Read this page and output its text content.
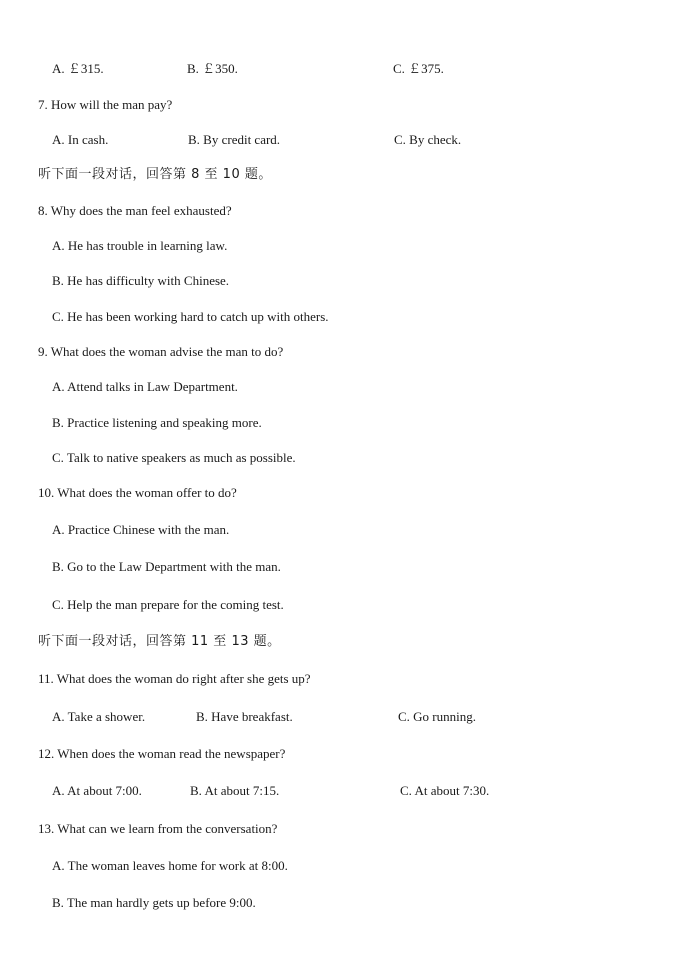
A. ￡315.	B. ￡350.	C. ￡375.
7. How will the man pay?
A. In cash.	B. By credit card.	C. By check.
听下面一段对话，回答第 8 至 10 题。
8. Why does the man feel exhausted?
A. He has trouble in learning law.
B. He has difficulty with Chinese.
C. He has been working hard to catch up with others.
9. What does the woman advise the man to do?
A. Attend talks in Law Department.
B. Practice listening and speaking more.
C. Talk to native speakers as much as possible.
10. What does the woman offer to do?
A. Practice Chinese with the man.
B. Go to the Law Department with the man.
C. Help the man prepare for the coming test.
听下面一段对话，回答第 11 至 13 题。
11. What does the woman do right after she gets up?
A. Take a shower.	B. Have breakfast.	C. Go running.
12. When does the woman read the newspaper?
A. At about 7:00.	B. At about 7:15.	C. At about 7:30.
13. What can we learn from the conversation?
A. The woman leaves home for work at 8:00.
B. The man hardly gets up before 9:00.
